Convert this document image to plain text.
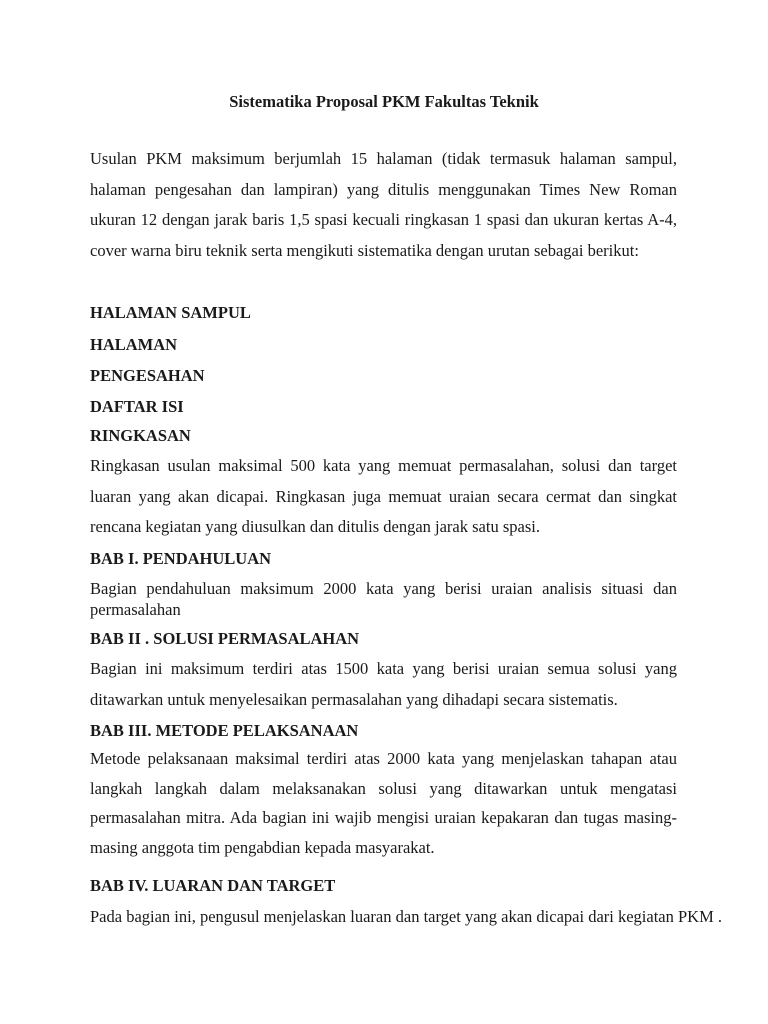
Sistematika Proposal PKM Fakultas Teknik

Usulan PKM maksimum berjumlah 15 halaman (tidak termasuk halaman sampul, halaman pengesahan dan lampiran) yang ditulis menggunakan Times New Roman ukuran 12 dengan jarak baris 1,5 spasi kecuali ringkasan 1 spasi dan ukuran kertas A-4, cover warna biru teknik serta mengikuti sistematika dengan urutan sebagai berikut:

HALAMAN SAMPUL

HALAMAN

PENGESAHAN

DAFTAR ISI

RINGKASAN

Ringkasan usulan maksimal 500 kata yang memuat permasalahan, solusi dan target luaran yang akan dicapai. Ringkasan juga memuat uraian secara cermat dan singkat rencana kegiatan yang diusulkan dan ditulis dengan jarak satu spasi.

BAB I. PENDAHULUAN

Bagian pendahuluan maksimum 2000 kata yang berisi uraian analisis situasi dan permasalahan

BAB II . SOLUSI PERMASALAHAN

Bagian ini maksimum terdiri atas 1500 kata yang berisi uraian semua solusi yang ditawarkan untuk menyelesaikan permasalahan yang dihadapi secara sistematis.

BAB III. METODE PELAKSANAAN

Metode pelaksanaan maksimal terdiri atas 2000 kata yang menjelaskan tahapan atau langkah langkah dalam melaksanakan solusi yang ditawarkan untuk mengatasi permasalahan mitra. Ada bagian ini wajib mengisi uraian kepakaran dan tugas masing-masing anggota tim pengabdian kepada masyarakat.

BAB IV. LUARAN DAN TARGET

Pada bagian ini, pengusul menjelaskan luaran dan target yang akan dicapai dari kegiatan PKM .
